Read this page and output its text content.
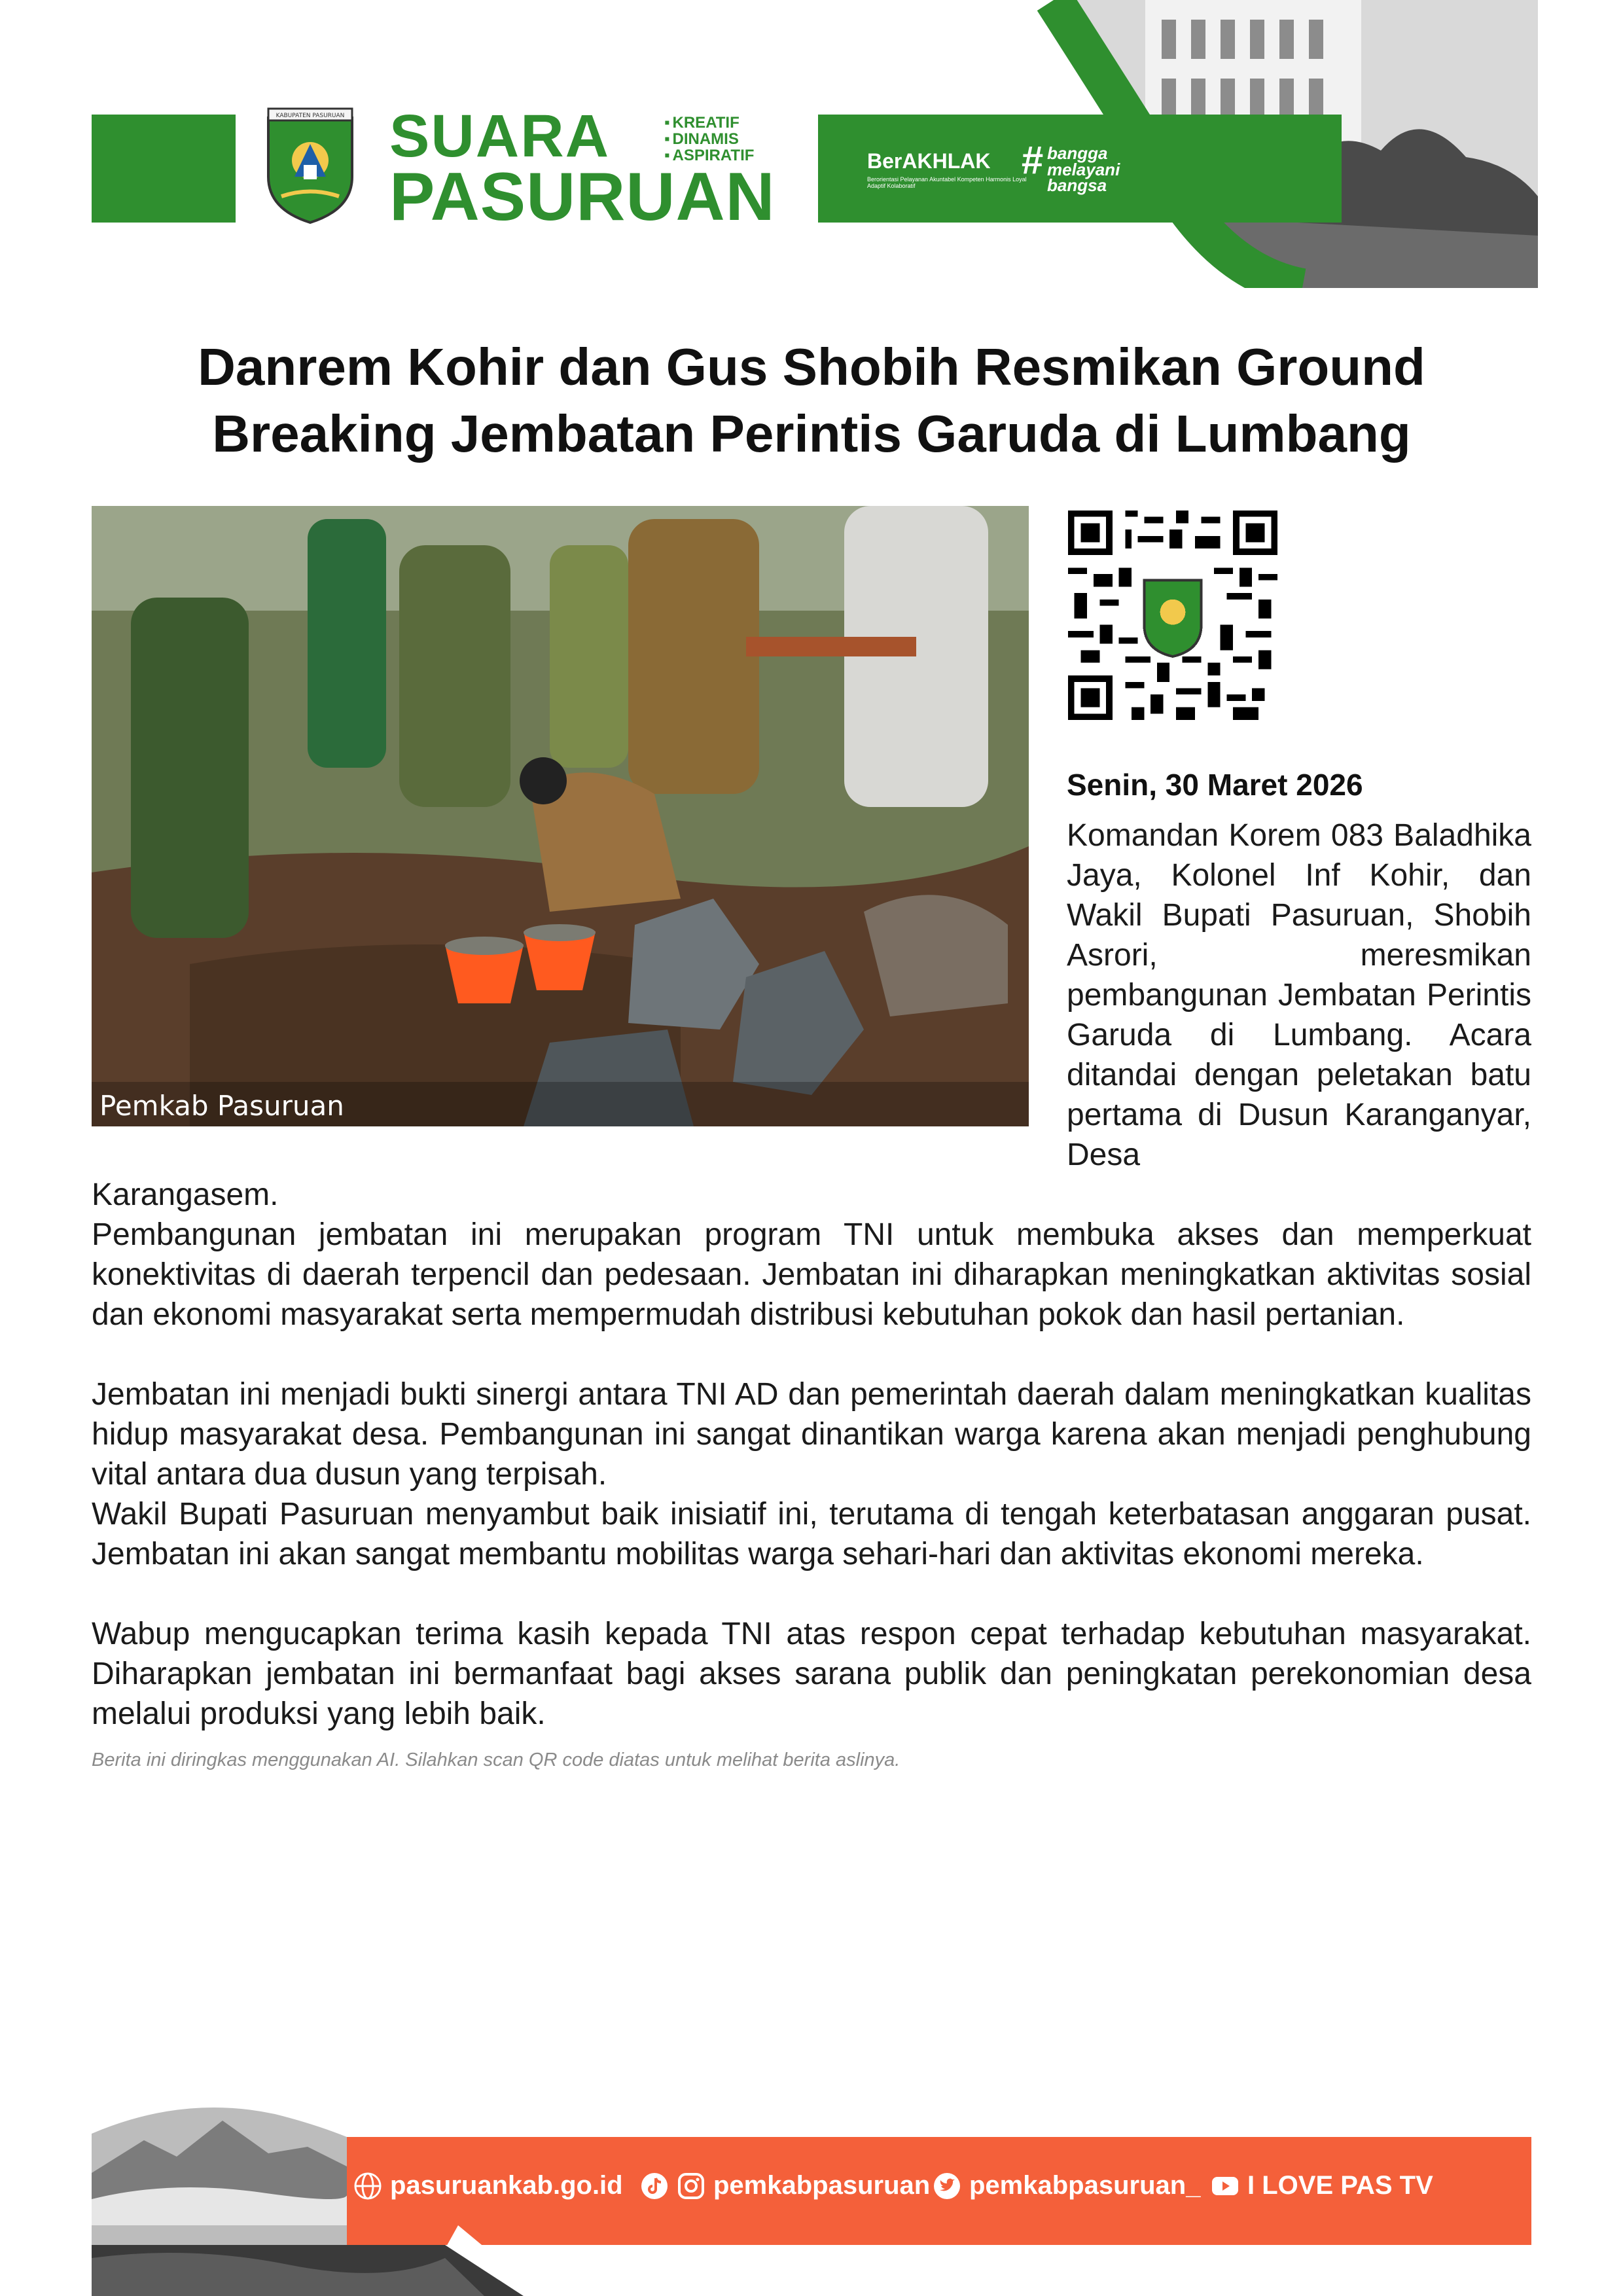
KABUPATEN PASURUAN SUARA
PASURUAN
▪ KREATIF
▪ DINAMIS
▪ ASPIRATIF	BerAKHLAK
Berorientasi Pelayanan Akuntabel Kompeten Harmonis Loyal Adaptif Kolaboratif
# bangga
melayani
bangsa
Danrem Kohir dan Gus Shobih Resmikan Ground
Breaking Jembatan Perintis Garuda di Lumbang
Pemkab Pasuruan
Senin, 30 Maret 2026
Komandan Korem 083 Baladhika Jaya, Kolonel Inf Kohir, dan Wakil Bupati Pasuruan, Shobih Asrori, meresmikan pembangunan Jembatan Perintis Garuda di Lumbang. Acara ditandai dengan peletakan batu pertama di Dusun Karanganyar, Desa
Karangasem.
Pembangunan jembatan ini merupakan program TNI untuk membuka akses dan memperkuat konektivitas di daerah terpencil dan pedesaan. Jembatan ini diharapkan meningkatkan aktivitas sosial dan ekonomi masyarakat serta mempermudah distribusi kebutuhan pokok dan hasil pertanian.
Jembatan ini menjadi bukti sinergi antara TNI AD dan pemerintah daerah dalam meningkatkan kualitas hidup masyarakat desa. Pembangunan ini sangat dinantikan warga karena akan menjadi penghubung vital antara dua dusun yang terpisah.
Wakil Bupati Pasuruan menyambut baik inisiatif ini, terutama di tengah keterbatasan anggaran pusat. Jembatan ini akan sangat membantu mobilitas warga sehari-hari dan aktivitas ekonomi mereka.
Wabup mengucapkan terima kasih kepada TNI atas respon cepat terhadap kebutuhan masyarakat. Diharapkan jembatan ini bermanfaat bagi akses sarana publik dan peningkatan perekonomian desa melalui produksi yang lebih baik.
Berita ini diringkas menggunakan AI. Silahkan scan QR code diatas untuk melihat berita aslinya.
pasuruankab.go.id	pemkabpasuruan pemkabpasuruan_ I LOVE PAS TV
